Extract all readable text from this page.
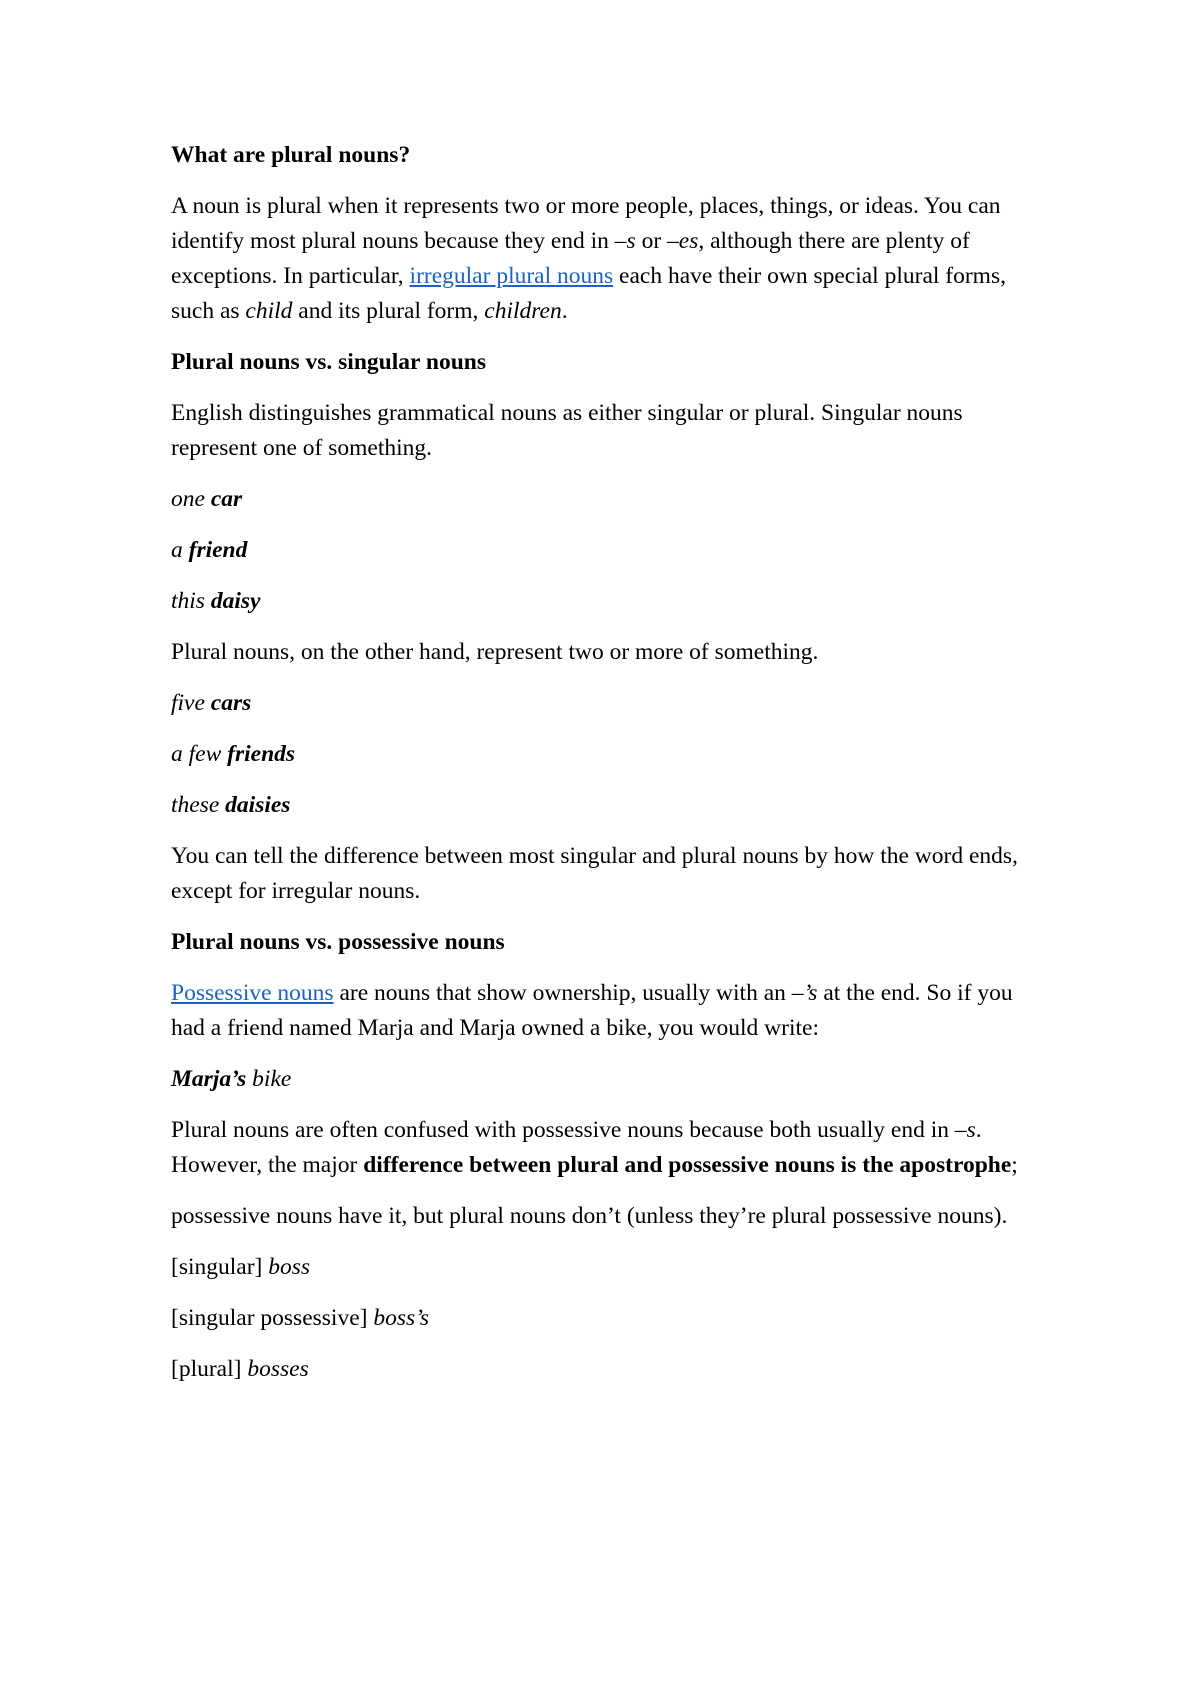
What are plural nouns?

A noun is plural when it represents two or more people, places, things, or ideas. You can identify most plural nouns because they end in –s or –es, although there are plenty of exceptions. In particular, irregular plural nouns each have their own special plural forms, such as child and its plural form, children.

Plural nouns vs. singular nouns

English distinguishes grammatical nouns as either singular or plural. Singular nouns represent one of something.

one car

a friend

this daisy

Plural nouns, on the other hand, represent two or more of something.

five cars

a few friends

these daisies

You can tell the difference between most singular and plural nouns by how the word ends, except for irregular nouns.

Plural nouns vs. possessive nouns

Possessive nouns are nouns that show ownership, usually with an –’s at the end. So if you had a friend named Marja and Marja owned a bike, you would write:

Marja’s bike

Plural nouns are often confused with possessive nouns because both usually end in –s. However, the major difference between plural and possessive nouns is the apostrophe;

possessive nouns have it, but plural nouns don’t (unless they’re plural possessive nouns).

[singular] boss

[singular possessive] boss’s

[plural] bosses
